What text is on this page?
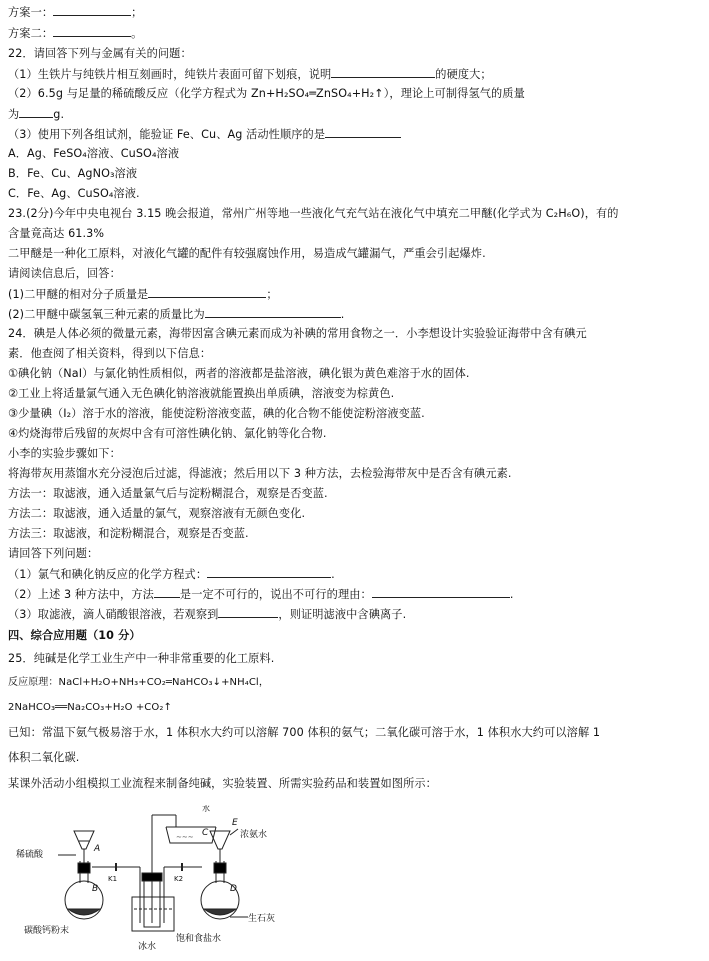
方案一：	；
方案二：	。
22．请回答下列与金属有关的问题：
（1）生铁片与纯铁片相互刻画时，纯铁片表面可留下划痕，说明	的硬度大；
（2）6.5g 与足量的稀硫酸反应（化学方程式为 Zn+H₂SO₄═ZnSO₄+H₂↑），理论上可制得氢气的质量
为	g.
（3）使用下列各组试剂，能验证 Fe、Cu、Ag 活动性顺序的是
A．Ag、FeSO₄溶液、CuSO₄溶液
B．Fe、Cu、AgNO₃溶液
C．Fe、Ag、CuSO₄溶液.
23.(2分)今年中央电视台 3.15 晚会报道，常州广州等地一些液化气充气站在液化气中填充二甲醚(化学式为 C₂H₆O)，有的
含量竟高达 61.3%
二甲醚是一种化工原料，对液化气罐的配件有较强腐蚀作用，易造成气罐漏气，严重会引起爆炸.
请阅读信息后，回答：
(1)二甲醚的相对分子质量是	；
(2)二甲醚中碳氢氧三种元素的质量比为	.
24．碘是人体必须的微量元素，海带因富含碘元素而成为补碘的常用食物之一．小李想设计实验验证海带中含有碘元
素．他查阅了相关资料，得到以下信息：
①碘化钠（NaI）与氯化钠性质相似，两者的溶液都是盐溶液，碘化银为黄色难溶于水的固体.
②工业上将适量氯气通入无色碘化钠溶液就能置换出单质碘，溶液变为棕黄色.
③少量碘（I₂）溶于水的溶液，能使淀粉溶液变蓝，碘的化合物不能使淀粉溶液变蓝.
④灼烧海带后残留的灰烬中含有可溶性碘化钠、氯化钠等化合物.
小李的实验步骤如下：
将海带灰用蒸馏水充分浸泡后过滤，得滤液；然后用以下 3 种方法，去检验海带灰中是否含有碘元素.
方法一：取滤液，通入适量氯气后与淀粉糊混合，观察是否变蓝.
方法二：取滤液，通入适量的氯气，观察溶液有无颜色变化.
方法三：取滤液，和淀粉糊混合，观察是否变蓝.
请回答下列问题：
（1）氯气和碘化钠反应的化学方程式：	.
（2）上述 3 种方法中，方法 是一定不可行的，说出不可行的理由：	.
（3）取滤液，滴人硝酸银溶液，若观察到	，则证明滤液中含碘离子.
四、综合应用题（10 分）
25．纯碱是化学工业生产中一种非常重要的化工原料.
反应原理：NaCl+H₂O+NH₃+CO₂═NaHCO₃↓+NH₄Cl，
2NaHCO₃══Na₂CO₃+H₂O +CO₂↑
已知：常温下氨气极易溶于水，1 体积水大约可以溶解 700 体积的氨气；二氧化碳可溶于水，1 体积水大约可以溶解 1
体积二氧化碳.
某课外活动小组模拟工业流程来制备纯碱，实验装置、所需实验药品和装置如图所示：
∼∼∼
稀硫酸
A
B
K1	K2
水
C
E
浓氨水
D
生石灰
碳酸钙粉末
冰水
饱和食盐水
